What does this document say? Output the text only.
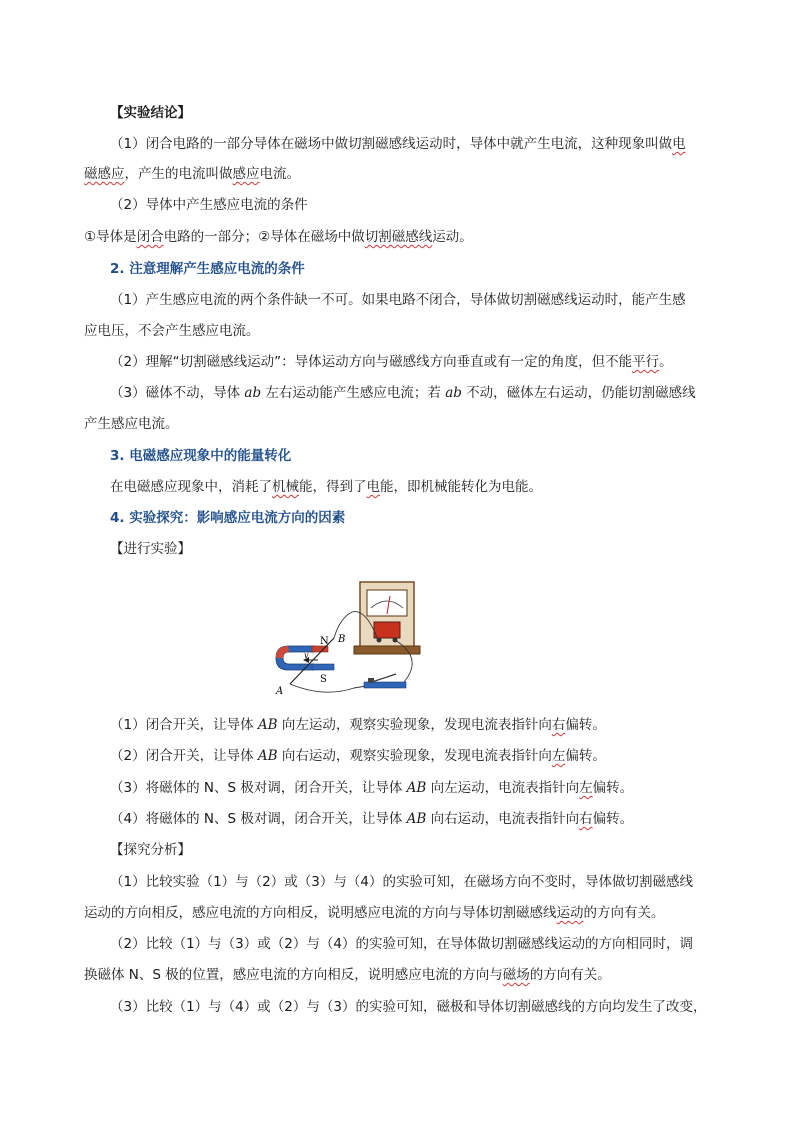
【实验结论】
（1）闭合电路的一部分导体在磁场中做切割磁感线运动时，导体中就产生电流，这种现象叫做电
磁感应，产生的电流叫做感应电流。
（2）导体中产生感应电流的条件
①导体是闭合电路的一部分；②导体在磁场中做切割磁感线运动。
2. 注意理解产生感应电流的条件
（1）产生感应电流的两个条件缺一不可。如果电路不闭合，导体做切割磁感线运动时，能产生感
应电压，不会产生感应电流。
（2）理解“切割磁感线运动”：导体运动方向与磁感线方向垂直或有一定的角度，但不能平行。
（3）磁体不动，导体 ab 左右运动能产生感应电流；若 ab 不动，磁体左右运动，仍能切割磁感线
产生感应电流。
3. 电磁感应现象中的能量转化
在电磁感应现象中，消耗了机械能，得到了电能，即机械能转化为电能。
4. 实验探究：影响感应电流方向的因素
【进行实验】
N
S
A
B
v
（1）闭合开关，让导体 AB 向左运动，观察实验现象，发现电流表指针向右偏转。
（2）闭合开关，让导体 AB 向右运动，观察实验现象，发现电流表指针向左偏转。
（3）将磁体的 N、S 极对调，闭合开关，让导体 AB 向左运动，电流表指针向左偏转。
（4）将磁体的 N、S 极对调，闭合开关，让导体 AB 向右运动，电流表指针向右偏转。
【探究分析】
（1）比较实验（1）与（2）或（3）与（4）的实验可知，在磁场方向不变时，导体做切割磁感线
运动的方向相反，感应电流的方向相反，说明感应电流的方向与导体切割磁感线运动的方向有关。
（2）比较（1）与（3）或（2）与（4）的实验可知，在导体做切割磁感线运动的方向相同时，调
换磁体 N、S 极的位置，感应电流的方向相反，说明感应电流的方向与磁场的方向有关。
（3）比较（1）与（4）或（2）与（3）的实验可知，磁极和导体切割磁感线的方向均发生了改变，
